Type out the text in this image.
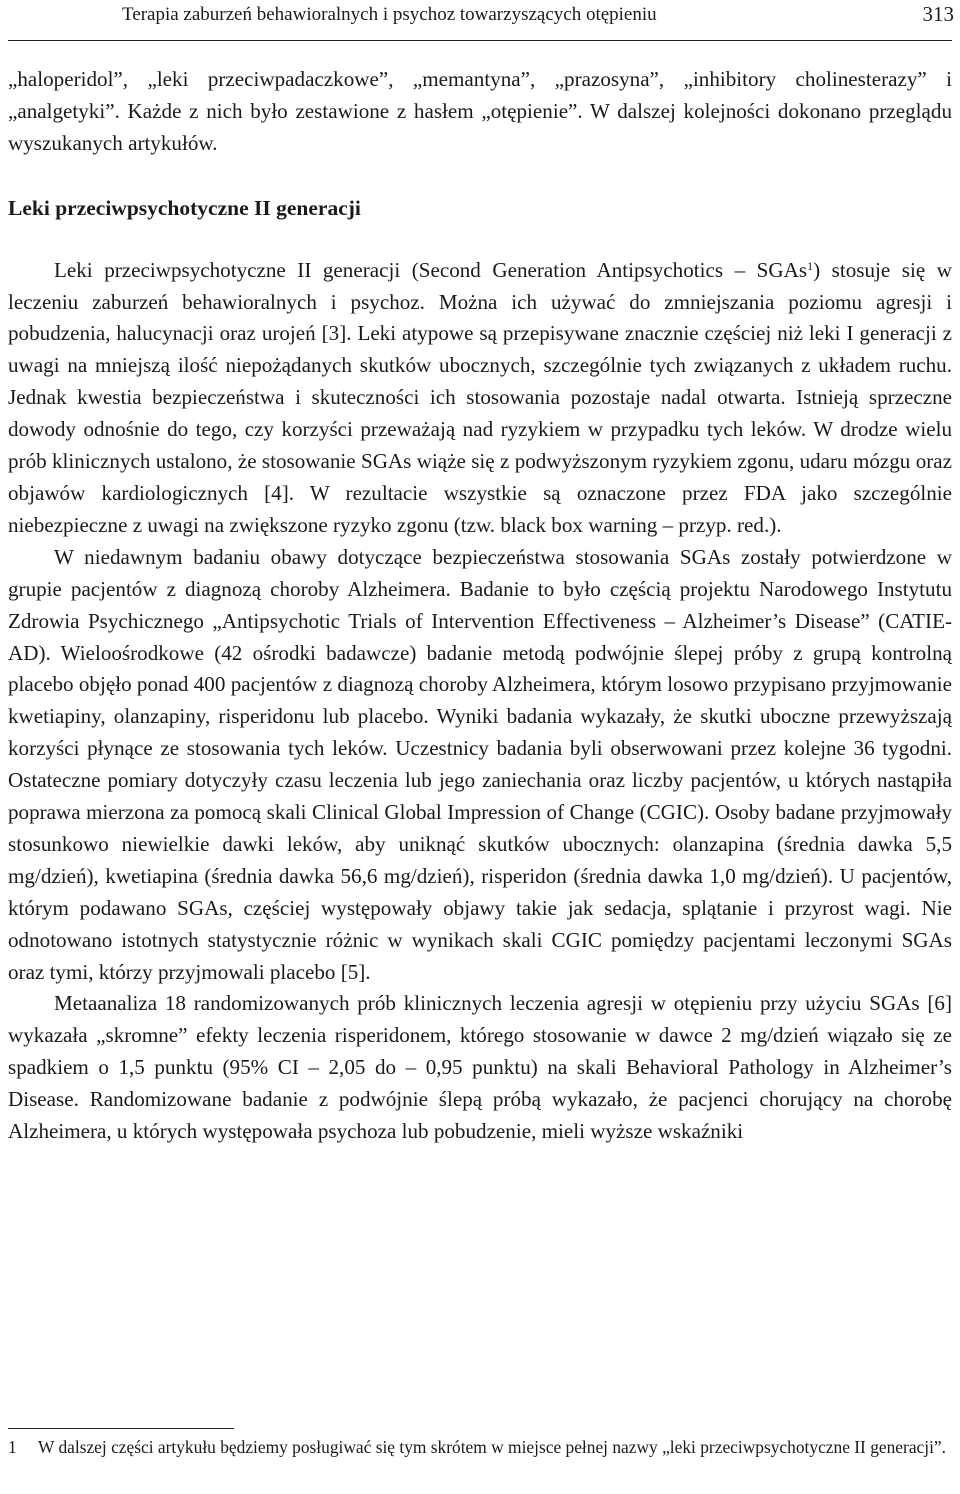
Terapia zaburzeń behawioralnych i psychoz towarzyszących otępieniu	313

„haloperidol”, „leki przeciwpadaczkowe”, „memantyna”, „prazosyna”, „inhibitory cholinesterazy” i „analgetyki”. Każde z nich było zestawione z hasłem „otępienie”. W dalszej kolejności dokonano przeglądu wyszukanych artykułów.

Leki przeciwpsychotyczne II generacji

Leki przeciwpsychotyczne II generacji (Second Generation Antipsychotics – SGAs$^1$) stosuje się w leczeniu zaburzeń behawioralnych i psychoz. Można ich używać do zmniejszania poziomu agresji i pobudzenia, halucynacji oraz urojeń [3]. Leki atypowe są przepisywane znacznie częściej niż leki I generacji z uwagi na mniejszą ilość niepożądanych skutków ubocznych, szczególnie tych związanych z układem ruchu. Jednak kwestia bezpieczeństwa i skuteczności ich stosowania pozostaje nadal otwarta. Istnieją sprzeczne dowody odnośnie do tego, czy korzyści przeważają nad ryzykiem w przypadku tych leków. W drodze wielu prób klinicznych ustalono, że stosowanie SGAs wiąże się z podwyższonym ryzykiem zgonu, udaru mózgu oraz objawów kardiologicznych [4]. W rezultacie wszystkie są oznaczone przez FDA jako szczególnie niebezpieczne z uwagi na zwiększone ryzyko zgonu (tzw. black box warning – przyp. red.).

W niedawnym badaniu obawy dotyczące bezpieczeństwa stosowania SGAs zostały potwierdzone w grupie pacjentów z diagnozą choroby Alzheimera. Badanie to było częścią projektu Narodowego Instytutu Zdrowia Psychicznego „Antipsychotic Trials of Intervention Effectiveness – Alzheimer’s Disease” (CATIE-AD). Wieloośrodkowe (42 ośrodki badawcze) badanie metodą podwójnie ślepej próby z grupą kontrolną placebo objęło ponad 400 pacjentów z diagnozą choroby Alzheimera, którym losowo przypisano przyjmowanie kwetiapiny, olanzapiny, risperidonu lub placebo. Wyniki badania wykazały, że skutki uboczne przewyższają korzyści płynące ze stosowania tych leków. Uczestnicy badania byli obserwowani przez kolejne 36 tygodni. Ostateczne pomiary dotyczyły czasu leczenia lub jego zaniechania oraz liczby pacjentów, u których nastąpiła poprawa mierzona za pomocą skali Clinical Global Impression of Change (CGIC). Osoby badane przyjmowały stosunkowo niewielkie dawki leków, aby uniknąć skutków ubocznych: olanzapina (średnia dawka 5,5 mg/dzień), kwetiapina (średnia dawka 56,6 mg/dzień), risperidon (średnia dawka 1,0 mg/dzień). U pacjentów, którym podawano SGAs, częściej występowały objawy takie jak sedacja, splątanie i przyrost wagi. Nie odnotowano istotnych statystycznie różnic w wynikach skali CGIC pomiędzy pacjentami leczonymi SGAs oraz tymi, którzy przyjmowali placebo [5].

Metaanaliza 18 randomizowanych prób klinicznych leczenia agresji w otępieniu przy użyciu SGAs [6] wykazała „skromne” efekty leczenia risperidonem, którego stosowanie w dawce 2 mg/dzień wiązało się ze spadkiem o 1,5 punktu (95% CI – 2,05 do – 0,95 punktu) na skali Behavioral Pathology in Alzheimer’s Disease. Randomizowane badanie z podwójnie ślepą próbą wykazało, że pacjenci chorujący na chorobę Alzheimera, u których występowała psychoza lub pobudzenie, mieli wyższe wskaźniki

1 W dalszej części artykułu będziemy posługiwać się tym skrótem w miejsce pełnej nazwy „leki przeciwpsychotyczne II generacji”.
